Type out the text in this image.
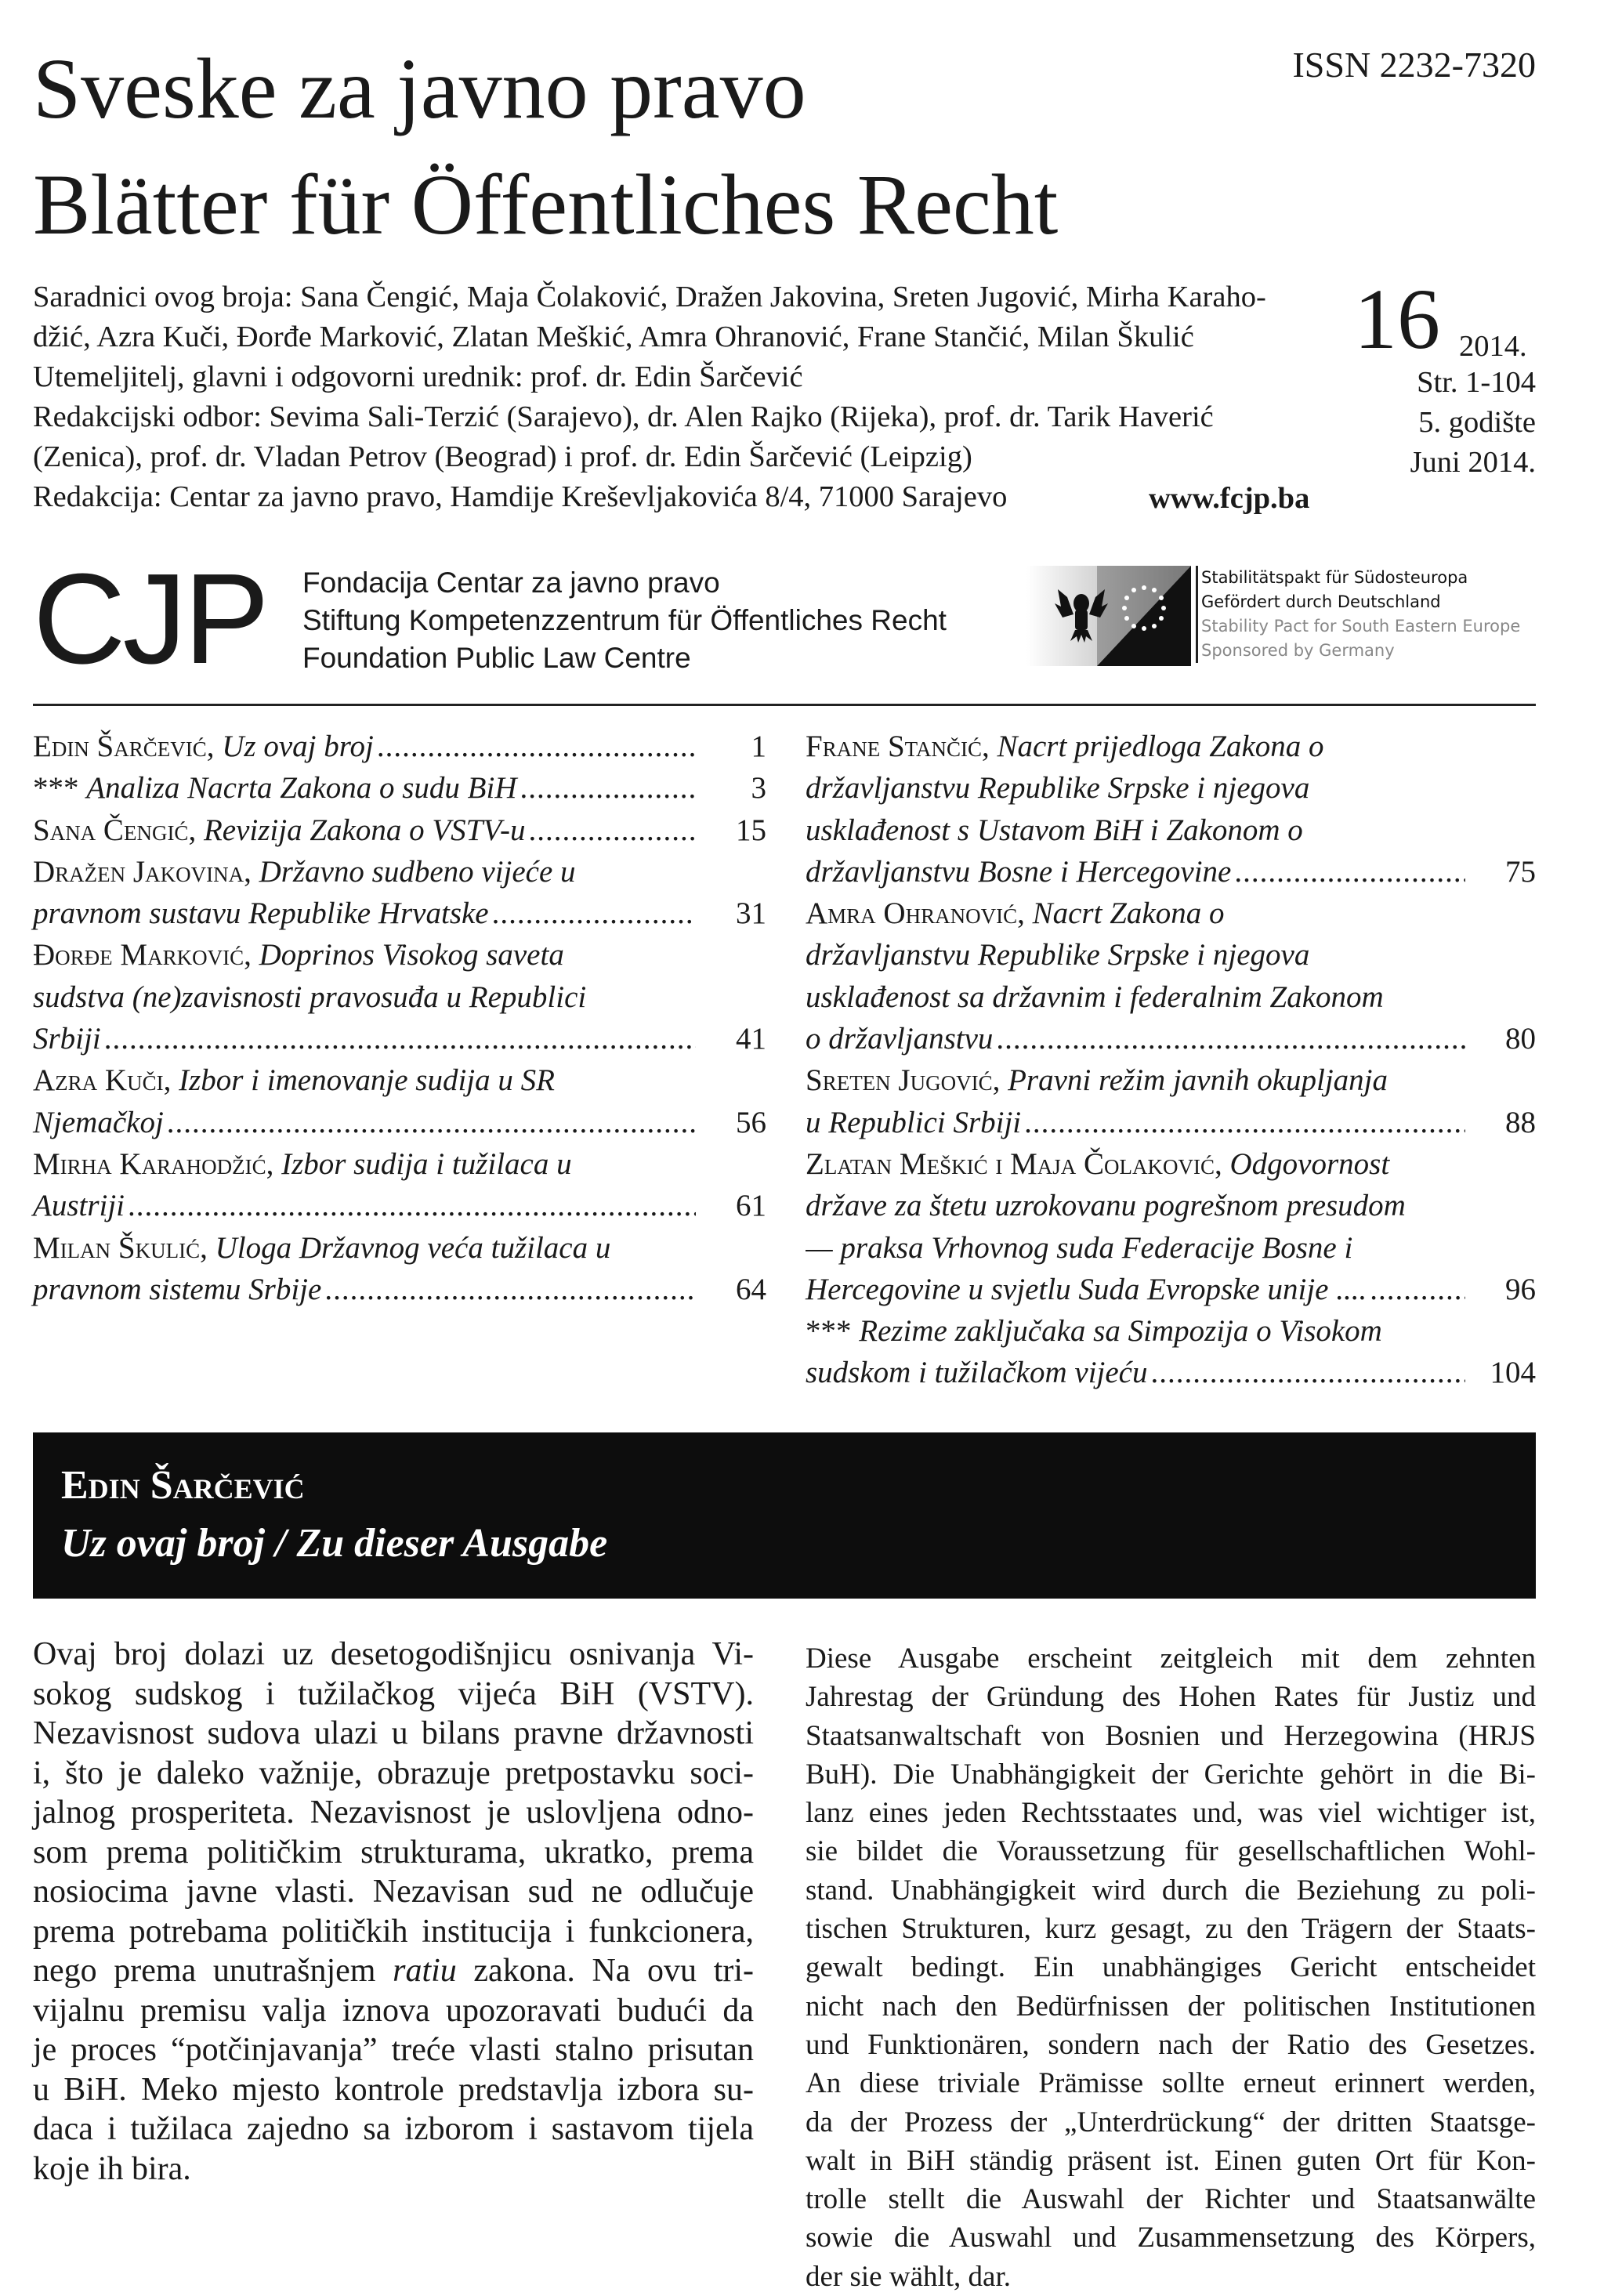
Sveske za javno pravo
Blätter für Öffentliches Recht
ISSN 2232-7320
Saradnici ovog broja: Sana Čengić, Maja Čolaković, Dražen Jakovina, Sreten Jugović, Mirha Karaho-
džić, Azra Kuči, Đorđe Marković, Zlatan Meškić, Amra Ohranović, Frane Stančić, Milan Škulić
Utemeljitelj, glavni i odgovorni urednik: prof. dr. Edin Šarčević
Redakcijski odbor: Sevima Sali-Terzić (Sarajevo), dr. Alen Rajko (Rijeka), prof. dr. Tarik Haverić
(Zenica), prof. dr. Vladan Petrov (Beograd) i prof. dr. Edin Šarčević (Leipzig)
Redakcija: Centar za javno pravo, Hamdije Kreševljakovića 8/4, 71000 Sarajevo	www.fcjp.ba
16 2014.
Str. 1-104
5. godište
Juni 2014.
CJP Fondacija Centar za javno pravo
Stiftung Kompetenzzentrum für Öffentliches Recht
Foundation Public Law Centre
Stabilitätspakt für Südosteuropa
Gefördert durch Deutschland
Stability Pact for South Eastern Europe
Sponsored by Germany
Edin Šarčević, Uz ovaj broj .....	1
*** Analiza Nacrta Zakona o sudu BiH .....	3
Sana Čengić, Revizija Zakona o VSTV-u .....	15
Dražen Jakovina, Državno sudbeno vijeće u
pravnom sustavu Republike Hrvatske .....	31
Đorđe Marković, Doprinos Visokog saveta
sudstva (ne)zavisnosti pravosuđa u Republici
Srbiji .....	41
Azra Kuči, Izbor i imenovanje sudija u SR
Njemačkoj .....	56
Mirha Karahodžić, Izbor sudija i tužilaca u
Austriji .....	61
Milan Škulić, Uloga Državnog veća tužilaca u
pravnom sistemu Srbije .....	64
Frane Stančić, Nacrt prijedloga Zakona o
državljanstvu Republike Srpske i njegova
usklađenost s Ustavom BiH i Zakonom o
državljanstvu Bosne i Hercegovine .....	75
Amra Ohranović, Nacrt Zakona o
državljanstvu Republike Srpske i njegova
usklađenost sa državnim i federalnim Zakonom
o državljanstvu .....	80
Sreten Jugović, Pravni režim javnih okupljanja
u Republici Srbiji .....	88
Zlatan Meškić i Maja Čolaković, Odgovornost
države za štetu uzrokovanu pogrešnom presudom
— praksa Vrhovnog suda Federacije Bosne i
Hercegovine u svjetlu Suda Evropske unije .... .....	96
*** Rezime zaključaka sa Simpozija o Visokom
sudskom i tužilačkom vijeću .....	104
Edin Šarčević
Uz ovaj broj / Zu dieser Ausgabe
Ovaj broj dolazi uz desetogodišnjicu osnivanja Vi-
sokog sudskog i tužilačkog vijeća BiH (VSTV).
Nezavisnost sudova ulazi u bilans pravne državnosti
i, što je daleko važnije, obrazuje pretpostavku soci-
jalnog prosperiteta. Nezavisnost je uslovljena odno-
som prema političkim strukturama, ukratko, prema
nosiocima javne vlasti. Nezavisan sud ne odlučuje
prema potrebama političkih institucija i funkcionera,
nego prema unutrašnjem ratiu zakona. Na ovu tri-
vijalnu premisu valja iznova upozoravati budući da
je proces “potčinjavanja” treće vlasti stalno prisutan
u BiH. Meko mjesto kontrole predstavlja izbora su-
daca i tužilaca zajedno sa izborom i sastavom tijela
koje ih bira.
Diese Ausgabe erscheint zeitgleich mit dem zehnten
Jahrestag der Gründung des Hohen Rates für Justiz und
Staatsanwaltschaft von Bosnien und Herzegowina (HRJS
BuH). Die Unabhängigkeit der Gerichte gehört in die Bi-
lanz eines jeden Rechtsstaates und, was viel wichtiger ist,
sie bildet die Voraussetzung für gesellschaftlichen Wohl-
stand. Unabhängigkeit wird durch die Beziehung zu poli-
tischen Strukturen, kurz gesagt, zu den Trägern der Staats-
gewalt bedingt. Ein unabhängiges Gericht entscheidet
nicht nach den Bedürfnissen der politischen Institutionen
und Funktionären, sondern nach der Ratio des Gesetzes.
An diese triviale Prämisse sollte erneut erinnert werden,
da der Prozess der „Unterdrückung“ der dritten Staatsge-
walt in BiH ständig präsent ist. Einen guten Ort für Kon-
trolle stellt die Auswahl der Richter und Staatsanwälte
sowie die Auswahl und Zusammensetzung des Körpers,
der sie wählt, dar.
